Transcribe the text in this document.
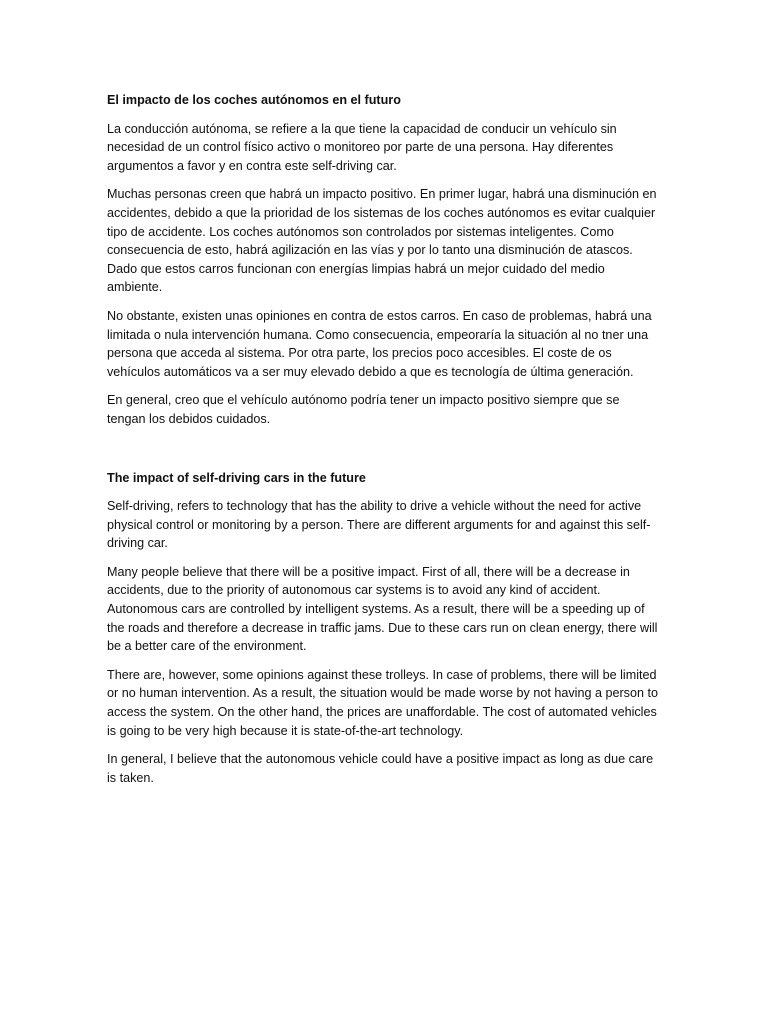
El impacto de los coches autónomos en el futuro

La conducción autónoma, se refiere a la que tiene la capacidad de conducir un vehículo sin necesidad de un control físico activo o monitoreo por parte de una persona. Hay diferentes argumentos a favor y en contra este self-driving car.

Muchas personas creen que habrá un impacto positivo. En primer lugar, habrá una disminución en accidentes, debido a que la prioridad de los sistemas de los coches autónomos es evitar cualquier tipo de accidente. Los coches autónomos son controlados por sistemas inteligentes. Como consecuencia de esto, habrá agilización en las vías y por lo tanto una disminución de atascos. Dado que estos carros funcionan con energías limpias habrá un mejor cuidado del medio ambiente.

No obstante, existen unas opiniones en contra de estos carros. En caso de problemas, habrá una limitada o nula intervención humana. Como consecuencia, empeoraría la situación al no tner una persona que acceda al sistema. Por otra parte, los precios poco accesibles. El coste de os vehículos automáticos va a ser muy elevado debido a que es tecnología de última generación.

En general, creo que el vehículo autónomo podría tener un impacto positivo siempre que se tengan los debidos cuidados.

The impact of self-driving cars in the future

Self-driving, refers to technology that has the ability to drive a vehicle without the need for active physical control or monitoring by a person. There are different arguments for and against this self-driving car.

Many people believe that there will be a positive impact. First of all, there will be a decrease in accidents, due to the priority of autonomous car systems is to avoid any kind of accident. Autonomous cars are controlled by intelligent systems. As a result, there will be a speeding up of the roads and therefore a decrease in traffic jams. Due to these cars run on clean energy, there will be a better care of the environment.

There are, however, some opinions against these trolleys. In case of problems, there will be limited or no human intervention. As a result, the situation would be made worse by not having a person to access the system. On the other hand, the prices are unaffordable. The cost of automated vehicles is going to be very high because it is state-of-the-art technology.

In general, I believe that the autonomous vehicle could have a positive impact as long as due care is taken.
